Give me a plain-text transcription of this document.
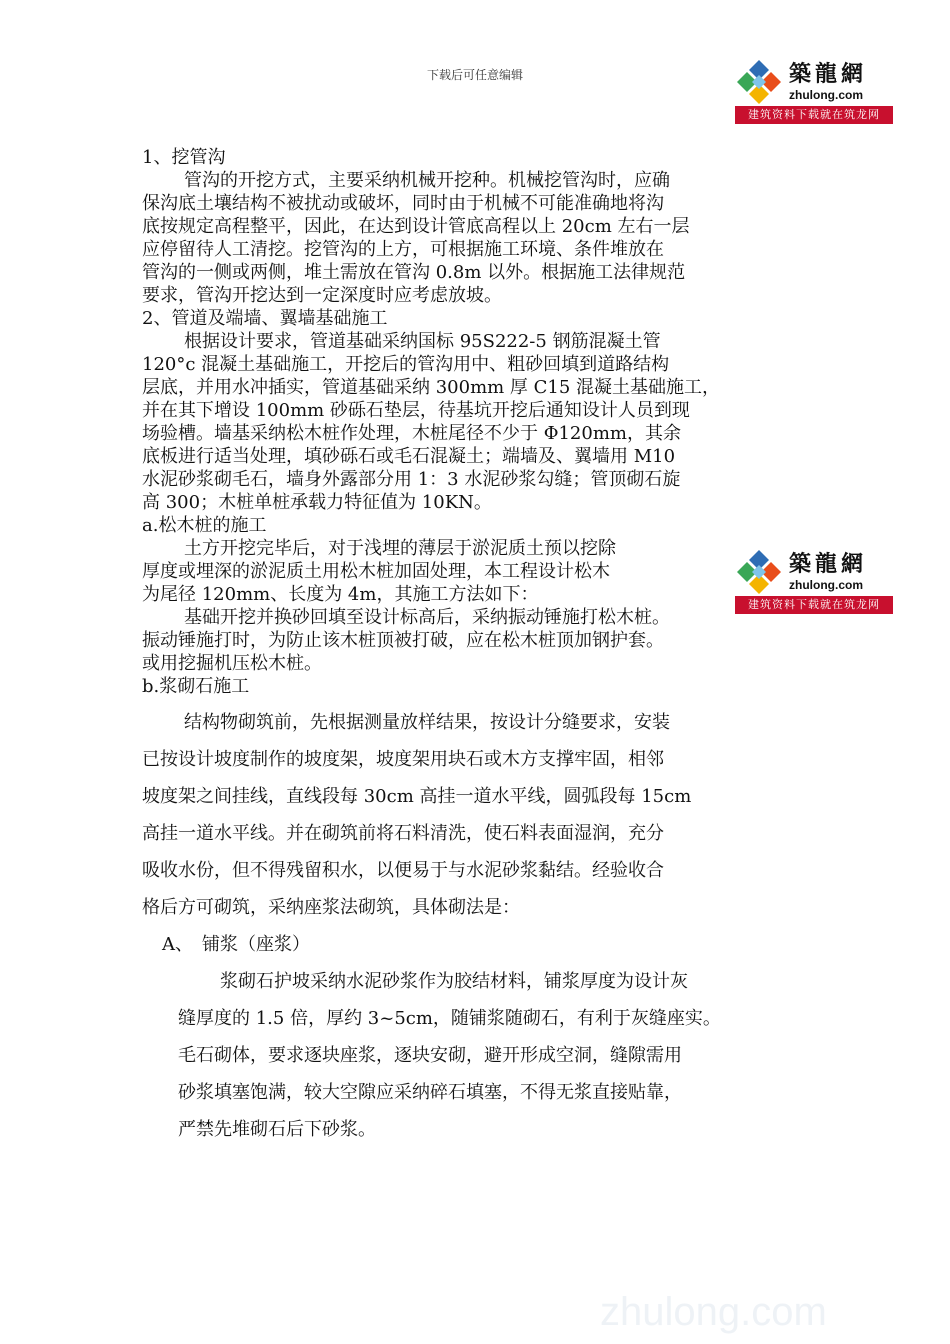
下载后可任意编辑	築龍網
zhulong.com
建筑资料下载就在筑龙网
築龍網
zhulong.com
建筑资料下载就在筑龙网

1、挖管沟

管沟的开挖方式，主要采纳机械开挖种。机械挖管沟时，应确

保沟底土壤结构不被扰动或破坏，同时由于机械不可能准确地将沟

底按规定高程整平，因此，在达到设计管底高程以上 20cm 左右一层

应停留待人工清挖。挖管沟的上方，可根据施工环境、条件堆放在

管沟的一侧或两侧，堆土需放在管沟 0.8m 以外。根据施工法律规范

要求，管沟开挖达到一定深度时应考虑放坡。

2、管道及端墙、翼墙基础施工

根据设计要求，管道基础采纳国标 95S222-5 钢筋混凝土管

120°c 混凝土基础施工，开挖后的管沟用中、粗砂回填到道路结构

层底，并用水冲插实，管道基础采纳 300mm 厚 C15 混凝土基础施工，

并在其下增设 100mm 砂砾石垫层，待基坑开挖后通知设计人员到现

场验槽。墙基采纳松木桩作处理，木桩尾径不少于 Φ120mm，其余

底板进行适当处理，填砂砾石或毛石混凝土；端墙及、翼墙用 M10

水泥砂浆砌毛石，墙身外露部分用 1：3 水泥砂浆勾缝；管顶砌石旋

高 300；木桩单桩承载力特征值为 10KN。

a.松木桩的施工

土方开挖完毕后，对于浅埋的薄层于淤泥质土预以挖除

厚度或埋深的淤泥质土用松木桩加固处理，本工程设计松木

为尾径 120mm、长度为 4m，其施工方法如下：

基础开挖并换砂回填至设计标高后，采纳振动锤施打松木桩。

振动锤施打时，为防止该木桩顶被打破，应在松木桩顶加钢护套。

或用挖掘机压松木桩。

b.浆砌石施工

结构物砌筑前，先根据测量放样结果，按设计分缝要求，安装

已按设计坡度制作的坡度架，坡度架用块石或木方支撑牢固，相邻

坡度架之间挂线，直线段每 30cm 高挂一道水平线，圆弧段每 15cm

高挂一道水平线。并在砌筑前将石料清洗，使石料表面湿润，充分

吸收水份，但不得残留积水，以便易于与水泥砂浆黏结。经验收合

格后方可砌筑，采纳座浆法砌筑，具体砌法是：

A、　铺浆（座浆）

浆砌石护坡采纳水泥砂浆作为胶结材料，铺浆厚度为设计灰

缝厚度的 1.5 倍，厚约 3~5cm，随铺浆随砌石，有利于灰缝座实。

毛石砌体，要求逐块座浆，逐块安砌，避开形成空洞，缝隙需用

砂浆填塞饱满，较大空隙应采纳碎石填塞，不得无浆直接贴靠，

严禁先堆砌石后下砂浆。

zhulong.com
